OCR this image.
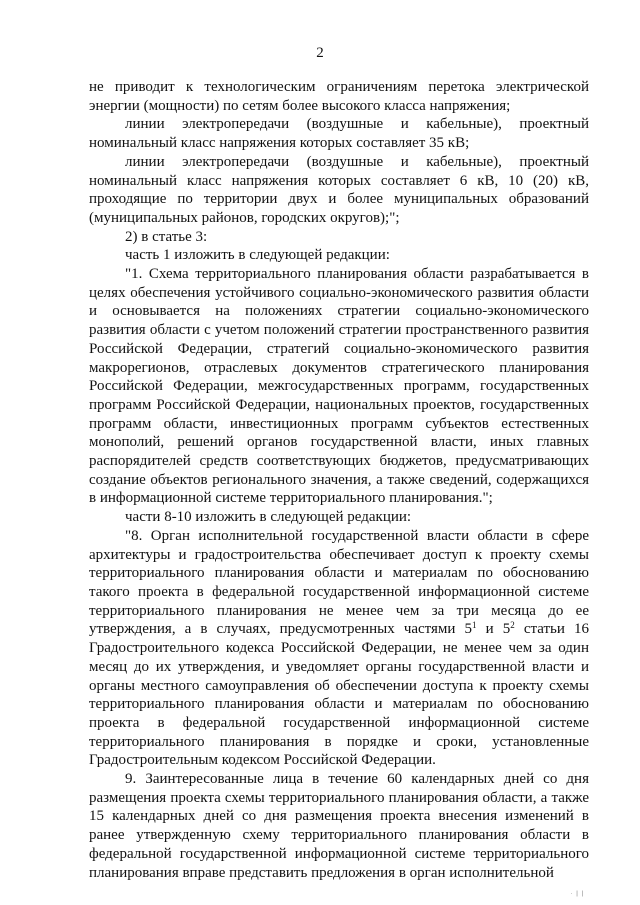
2

не приводит к технологическим ограничениям перетока электрической энергии (мощности) по сетям более высокого класса напряжения;

линии электропередачи (воздушные и кабельные), проектный номинальный класс напряжения которых составляет 35 кВ;

линии электропередачи (воздушные и кабельные), проектный номинальный класс напряжения которых составляет 6 кВ, 10 (20) кВ, проходящие по территории двух и более муниципальных образований (муниципальных районов, городских округов);";

2) в статье 3:

часть 1 изложить в следующей редакции:

"1. Схема территориального планирования области разрабатывается в целях обеспечения устойчивого социально-экономического развития области и основывается на положениях стратегии социально-экономического развития области с учетом положений стратегии пространственного развития Российской Федерации, стратегий социально-экономического развития макрорегионов, отраслевых документов стратегического планирования Российской Федерации, межгосударственных программ, государственных программ Российской Федерации, национальных проектов, государственных программ области, инвестиционных программ субъектов естественных монополий, решений органов государственной власти, иных главных распорядителей средств соответствующих бюджетов, предусматривающих создание объектов регионального значения, а также сведений, содержащихся в информационной системе территориального планирования.";

части 8-10 изложить в следующей редакции:

"8. Орган исполнительной государственной власти области в сфере архитектуры и градостроительства обеспечивает доступ к проекту схемы территориального планирования области и материалам по обоснованию такого проекта в федеральной государственной информационной системе территориального планирования не менее чем за три месяца до ее утверждения, а в случаях, предусмотренных частями $5^1$ и $5^2$ статьи 16 Градостроительного кодекса Российской Федерации, не менее чем за один месяц до их утверждения, и уведомляет органы государственной власти и органы местного самоуправления об обеспечении доступа к проекту схемы территориального планирования области и материалам по обоснованию проекта в федеральной государственной информационной системе территориального планирования в порядке и сроки, установленные Градостроительным кодексом Российской Федерации.

9. Заинтересованные лица в течение 60 календарных дней со дня размещения проекта схемы территориального планирования области, а также 15 календарных дней со дня размещения проекта внесения изменений в ранее утвержденную схему территориального планирования области в федеральной государственной информационной системе территориального планирования вправе представить предложения в орган исполнительной

· | |
